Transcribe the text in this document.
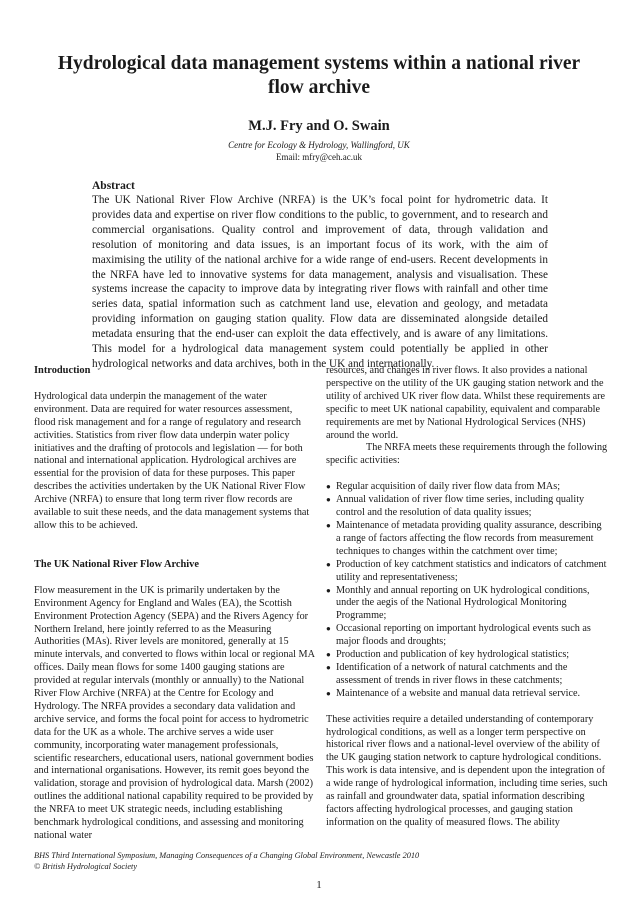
Hydrological data management systems within a national river flow archive

M.J. Fry and O. Swain

Centre for Ecology & Hydrology, Wallingford, UK

Email: mfry@ceh.ac.uk

Abstract

The UK National River Flow Archive (NRFA) is the UK’s focal point for hydrometric data. It provides data and expertise on river flow conditions to the public, to government, and to research and commercial organisations. Quality control and improvement of data, through validation and resolution of monitoring and data issues, is an important focus of its work, with the aim of maximising the utility of the national archive for a wide range of end-users. Recent developments in the NRFA have led to innovative systems for data management, analysis and visualisation. These systems increase the capacity to improve data by integrating river flows with rainfall and other time series data, spatial information such as catchment land use, elevation and geology, and metadata providing information on gauging station quality. Flow data are disseminated alongside detailed metadata ensuring that the end-user can exploit the data effectively, and is aware of any limitations. This model for a hydrological data management system could potentially be applied in other hydrological networks and data archives, both in the UK and internationally.

Introduction

Hydrological data underpin the management of the water environment. Data are required for water resources assessment, flood risk management and for a range of regulatory and research activities. Statistics from river flow data underpin water policy initiatives and the drafting of protocols and legislation — for both national and international application. Hydrological archives are essential for the provision of data for these purposes. This paper describes the activities undertaken by the UK National River Flow Archive (NRFA) to ensure that long term river flow records are available to suit these needs, and the data management systems that allow this to be achieved.

The UK National River Flow Archive

Flow measurement in the UK is primarily undertaken by the Environment Agency for England and Wales (EA), the Scottish Environment Protection Agency (SEPA) and the Rivers Agency for Northern Ireland, here jointly referred to as the Measuring Authorities (MAs). River levels are monitored, generally at 15 minute intervals, and converted to flows within local or regional MA offices. Daily mean flows for some 1400 gauging stations are provided at regular intervals (monthly or annually) to the National River Flow Archive (NRFA) at the Centre for Ecology and Hydrology. The NRFA provides a secondary data validation and archive service, and forms the focal point for access to hydrometric data for the UK as a whole. The archive serves a wide user community, incorporating water management professionals, scientific researchers, educational users, national government bodies and international organisations. However, its remit goes beyond the validation, storage and provision of hydrological data. Marsh (2002) outlines the additional national capability required to be provided by the NRFA to meet UK strategic needs, including establishing benchmark hydrological conditions, and assessing and monitoring national water

resources, and changes in river flows. It also provides a national perspective on the utility of the UK gauging station network and the utility of archived UK river flow data. Whilst these requirements are specific to meet UK national capability, equivalent and comparable requirements are met by National Hydrological Services (NHS) around the world.

The NRFA meets these requirements through the following specific activities:

● Regular acquisition of daily river flow data from MAs;
● Annual validation of river flow time series, including quality control and the resolution of data quality issues;
● Maintenance of metadata providing quality assurance, describing a range of factors affecting the flow records from measurement techniques to changes within the catchment over time;
● Production of key catchment statistics and indicators of catchment utility and representativeness;
● Monthly and annual reporting on UK hydrological conditions, under the aegis of the National Hydrological Monitoring Programme;
● Occasional reporting on important hydrological events such as major floods and droughts;
● Production and publication of key hydrological statistics;
● Identification of a network of natural catchments and the assessment of trends in river flows in these catchments;
● Maintenance of a website and manual data retrieval service.

These activities require a detailed understanding of contemporary hydrological conditions, as well as a longer term perspective on historical river flows and a national-level overview of the ability of the UK gauging station network to capture hydrological conditions. This work is data intensive, and is dependent upon the integration of a wide range of hydrological information, including time series, such as rainfall and groundwater data, spatial information describing factors affecting hydrological processes, and gauging station information on the quality of measured flows. The ability

BHS Third International Symposium, Managing Consequences of a Changing Global Environment, Newcastle 2010

© British Hydrological Society

1
